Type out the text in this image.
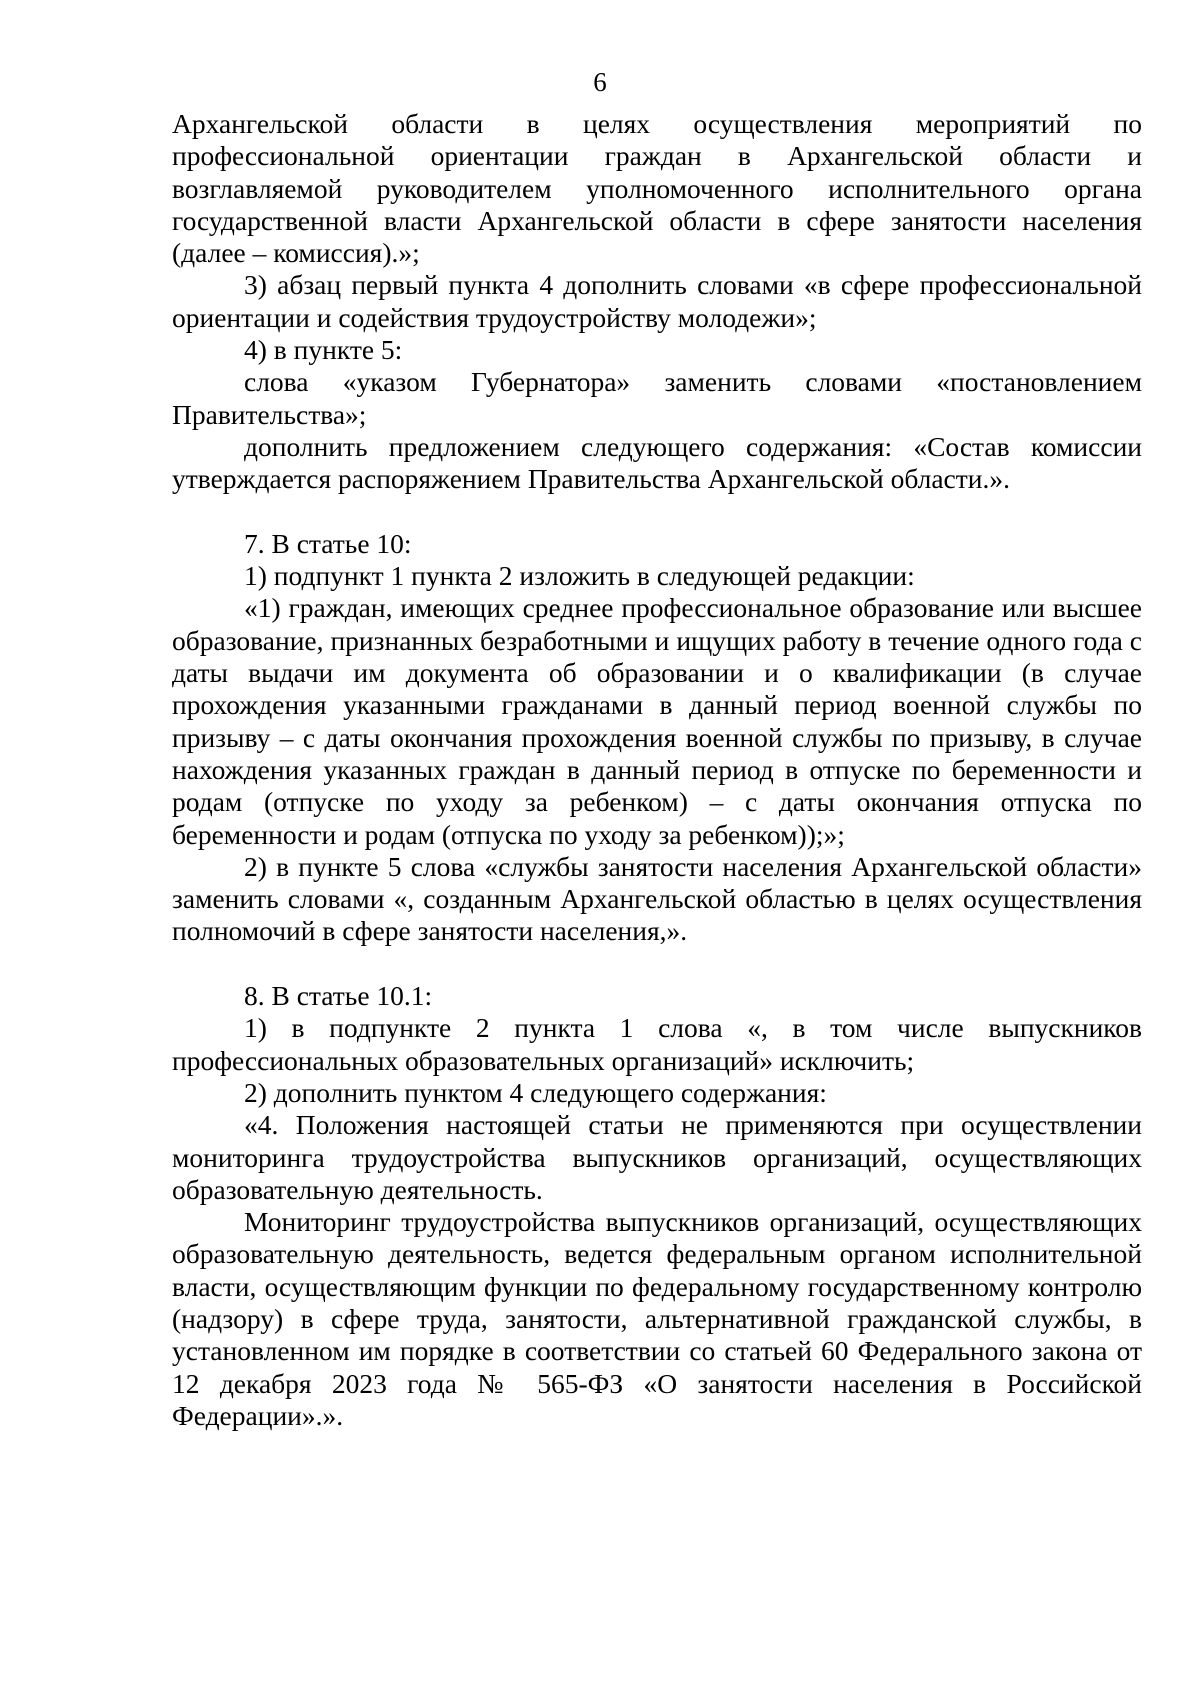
6

Архангельской области в целях осуществления мероприятий по профессиональной ориентации граждан в Архангельской области и возглавляемой руководителем уполномоченного исполнительного органа государственной власти Архангельской области в сфере занятости населения (далее – комиссия).»;

3) абзац первый пункта 4 дополнить словами «в сфере профессиональной ориентации и содействия трудоустройству молодежи»;

4) в пункте 5:

слова «указом Губернатора» заменить словами «постановлением Правительства»;

дополнить предложением следующего содержания: «Состав комиссии утверждается распоряжением Правительства Архангельской области.».

7. В статье 10:

1) подпункт 1 пункта 2 изложить в следующей редакции:

«1) граждан, имеющих среднее профессиональное образование или высшее образование, признанных безработными и ищущих работу в течение одного года с даты выдачи им документа об образовании и о квалификации (в случае прохождения указанными гражданами в данный период военной службы по призыву – с даты окончания прохождения военной службы по призыву, в случае нахождения указанных граждан в данный период в отпуске по беременности и родам (отпуске по уходу за ребенком) – с даты окончания отпуска по беременности и родам (отпуска по уходу за ребенком));»;

2) в пункте 5 слова «службы занятости населения Архангельской области» заменить словами «, созданным Архангельской областью в целях осуществления полномочий в сфере занятости населения,».

8. В статье 10.1:

1) в подпункте 2 пункта 1 слова «, в том числе выпускников профессиональных образовательных организаций» исключить;

2) дополнить пунктом 4 следующего содержания:

«4. Положения настоящей статьи не применяются при осуществлении мониторинга трудоустройства выпускников организаций, осуществляющих образовательную деятельность.

Мониторинг трудоустройства выпускников организаций, осуществляющих образовательную деятельность, ведется федеральным органом исполнительной власти, осуществляющим функции по федеральному государственному контролю (надзору) в сфере труда, занятости, альтернативной гражданской службы, в установленном им порядке в соответствии со статьей 60 Федерального закона от 12 декабря 2023 года № 565-ФЗ «О занятости населения в Российской Федерации».».
